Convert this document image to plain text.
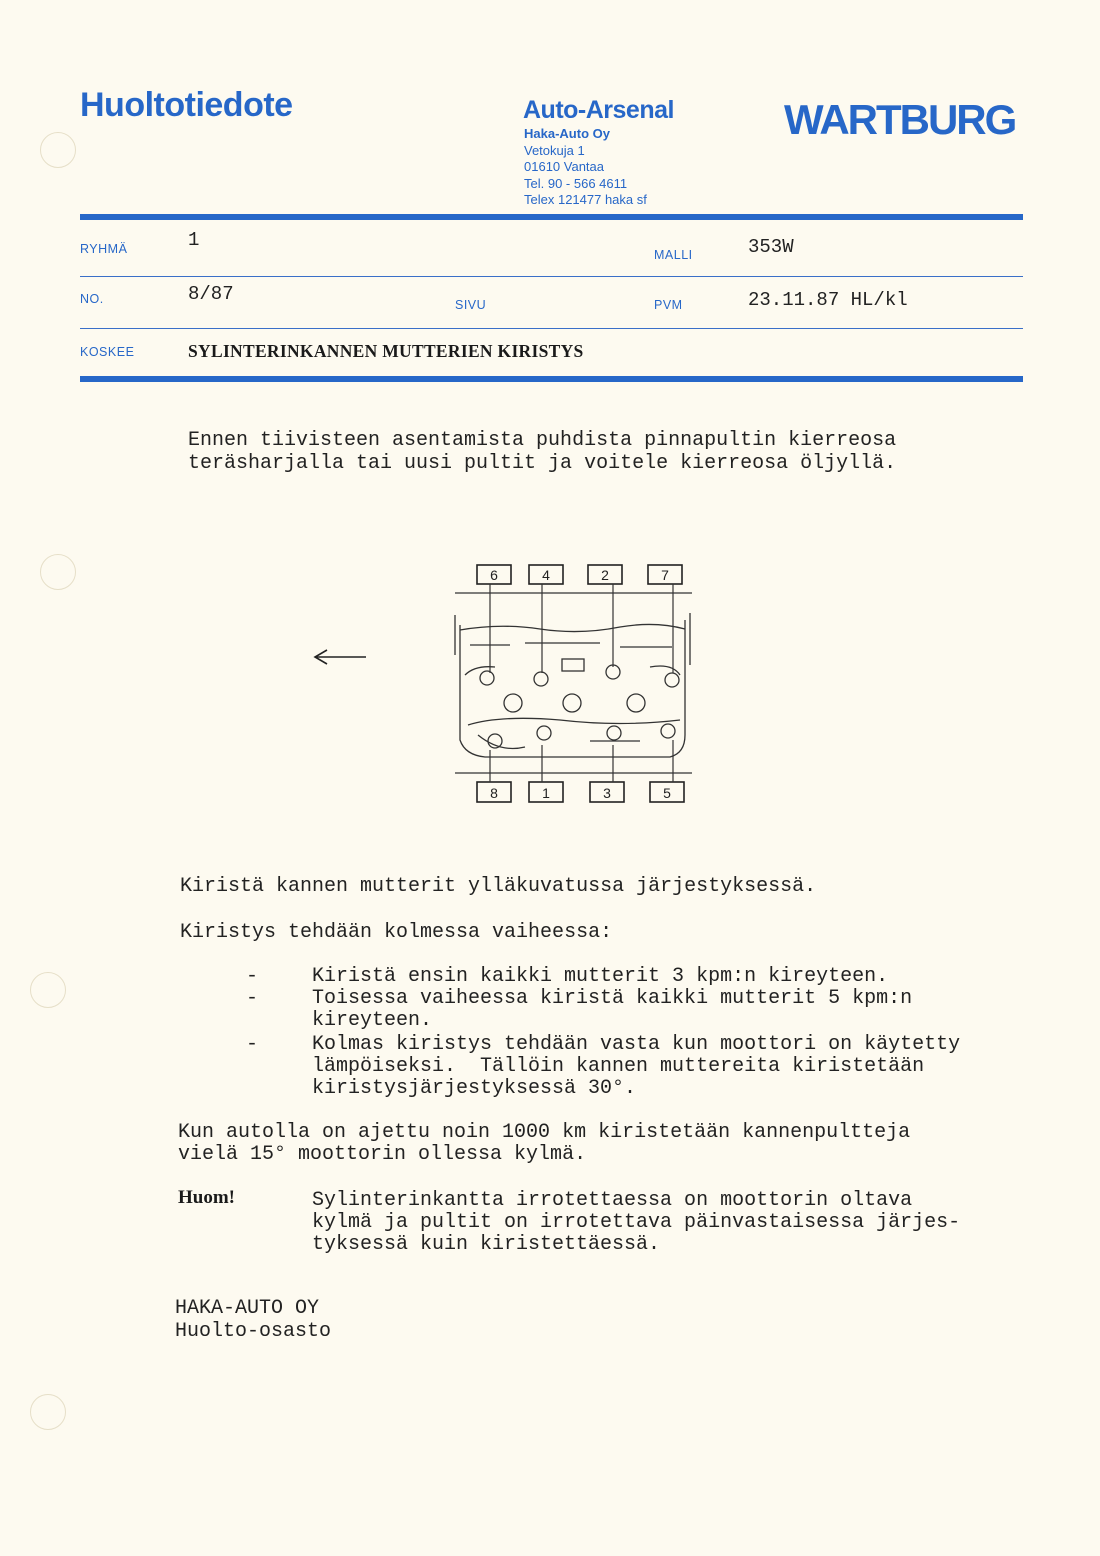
Huoltotiedote	Auto-Arsenal
Haka-Auto Oy
Vetokuja 1
01610 Vantaa
Tel. 90 - 566 4611
Telex 121477 haka sf
WARTBURG
RYHMÄ	1
MALLI	353W
NO.	8/87	SIVU	PVM	23.11.87 HL/kl
KOSKEE	SYLINTERINKANNEN MUTTERIEN KIRISTYS
Ennen tiivisteen asentamista puhdista pinnapultin kierreosa
teräsharjalla tai uusi pultit ja voitele kierreosa öljyllä.
6	4	2	7
8	1	3	5
Kiristä kannen mutterit ylläkuvatussa järjestyksessä.
Kiristys tehdään kolmessa vaiheessa:
-	Kiristä ensin kaikki mutterit 3 kpm:n kireyteen.
-	Toisessa vaiheessa kiristä kaikki mutterit 5 kpm:n
kireyteen.
-	Kolmas kiristys tehdään vasta kun moottori on käytetty
lämpöiseksi.  Tällöin kannen muttereita kiristetään
kiristysjärjestyksessä 30°.
Kun autolla on ajettu noin 1000 km kiristetään kannenpultteja
vielä 15° moottorin ollessa kylmä.
Huom!	Sylinterinkantta irrotettaessa on moottorin oltava
kylmä ja pultit on irrotettava päinvastaisessa järjes-
tyksessä kuin kiristettäessä.
HAKA-AUTO OY
Huolto-osasto
